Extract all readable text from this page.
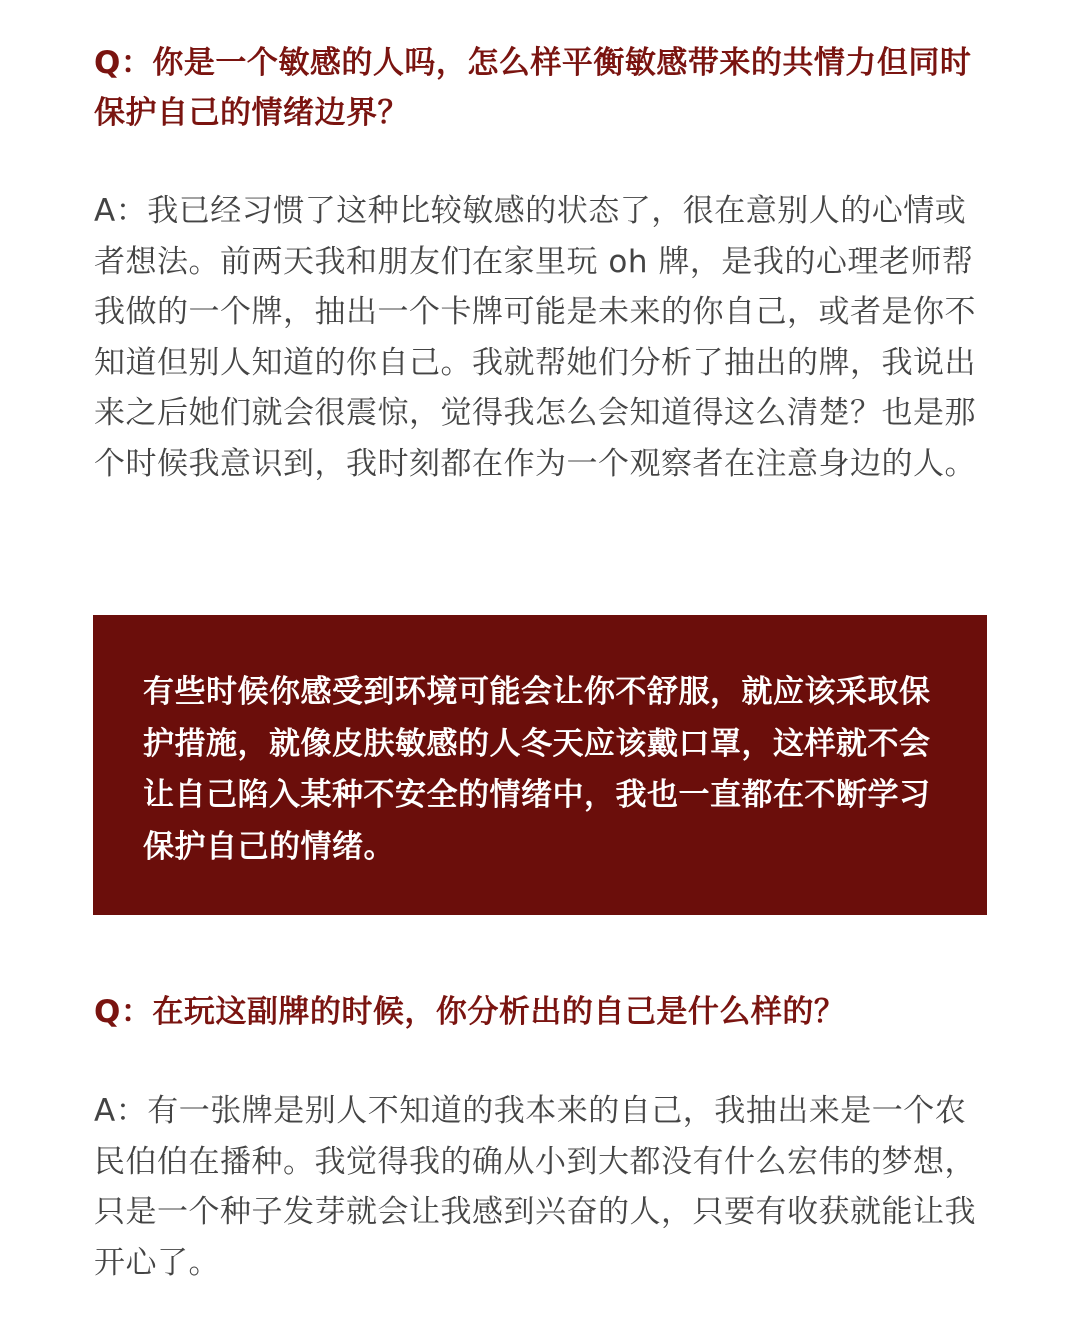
Q：你是一个敏感的人吗，怎么样平衡敏感带来的共情力但同时保护自己的情绪边界？

A：我已经习惯了这种比较敏感的状态了，很在意别人的心情或者想法。前两天我和朋友们在家里玩 oh 牌，是我的心理老师帮我做的一个牌，抽出一个卡牌可能是未来的你自己，或者是你不知道但别人知道的你自己。我就帮她们分析了抽出的牌，我说出来之后她们就会很震惊，觉得我怎么会知道得这么清楚？也是那个时候我意识到，我时刻都在作为一个观察者在注意身边的人。

有些时候你感受到环境可能会让你不舒服，就应该采取保护措施，就像皮肤敏感的人冬天应该戴口罩，这样就不会让自己陷入某种不安全的情绪中，我也一直都在不断学习保护自己的情绪。

Q：在玩这副牌的时候，你分析出的自己是什么样的？

A：有一张牌是别人不知道的我本来的自己，我抽出来是一个农民伯伯在播种。我觉得我的确从小到大都没有什么宏伟的梦想，只是一个种子发芽就会让我感到兴奋的人，只要有收获就能让我开心了。
